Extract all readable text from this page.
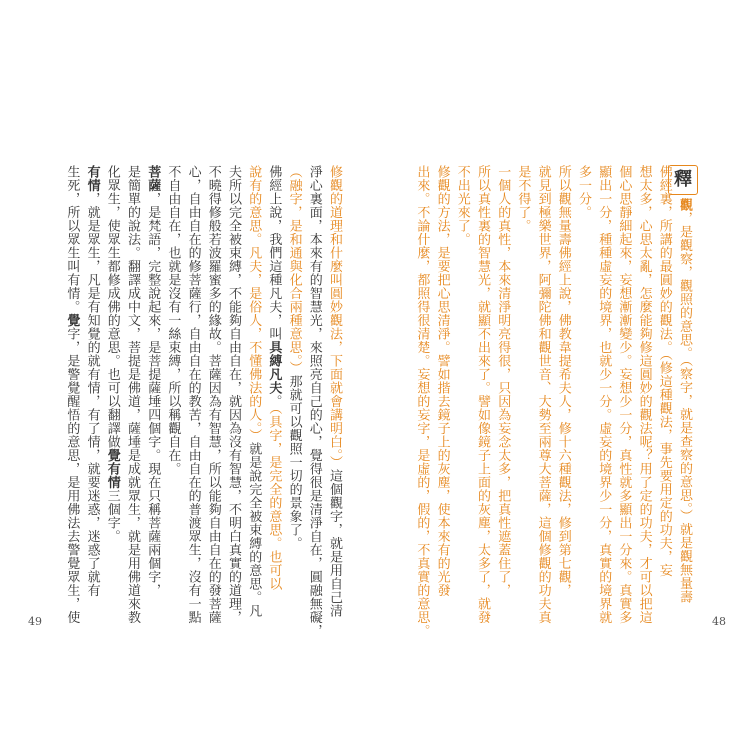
修觀的道理和什麼叫圓妙觀法，下面就會講明白。）這個觀字，就是用自己清
淨心裏面，本來有的智慧光，來照亮自己的心，覺得很是清淨自在，圓融無礙，
（融字，是和通與化合兩種意思。）那就可以觀照一切的景象了。
佛經上說，我們這種凡夫，叫具縛凡夫。（具字，是完全的意思。也可以
說有的意思。凡夫，是俗人，不懂佛法的人。）就是說完全被束縛的意思。凡
夫所以完全被束縛，不能夠自由自在，就因為沒有智慧，不明白真實的道理，
不曉得修般若波羅蜜多的緣故。菩薩因為有智慧，所以能夠自由自在的發菩薩
心，自由自在的修菩薩行，自由自在的教苦，自由自在的普渡眾生，沒有一點
不自由自在，也就是沒有一絲束縛，所以稱觀自在。
菩薩，是梵語，完整說起來，是菩提薩埵四個字。現在只稱菩薩兩個字，
是簡單的說法。翻譯成中文，菩提是佛道，薩埵是成就眾生，就是用佛道來教
化眾生，使眾生都修成佛的意思。也可以翻譯做覺有情三個字。
有情，就是眾生，凡是有知覺的就有情，有了情，就要迷惑，迷惑了就有
生死，所以眾生叫有情。覺字，是警覺醒悟的意思，是用佛法去警覺眾生，使
觀，是觀察，觀照的意思。（察字，就是查察的意思。）就是觀無量壽
佛經裏，所講的最圓妙的觀法。（修這種觀法，事先要用定的功夫，妄
想太多，心思太亂，怎麼能夠修這圓妙的觀法呢？用了定的功夫，才可以把這
個心思靜細起來，妄想漸漸變少。妄想少一分，真性就多顯出一分來。真實多
顯出一分，種種虛妄的境界，也就少一分。虛妄的境界少一分，真實的境界就
多一分。
所以觀無量壽佛經上說，佛教韋提希夫人，修十六種觀法，修到第七觀，
就見到極樂世界，阿彌陀佛和觀世音、大勢至兩尊大菩薩，這個修觀的功夫真
是不得了。
一個人的真性，本來清淨明亮得很，只因為妄念太多，把真性遮蓋住了，
所以真性裏的智慧光，就顯不出來了。譬如像鏡子上面的灰塵，太多了，就發
不出光來了。
修觀的方法，是要把心思清淨。譬如揩去鏡子上的灰塵，使本來有的光發
出來。不論什麼，都照得很清楚。妄想的妄字，是虛的，假的，不真實的意思。	釋
49	48
